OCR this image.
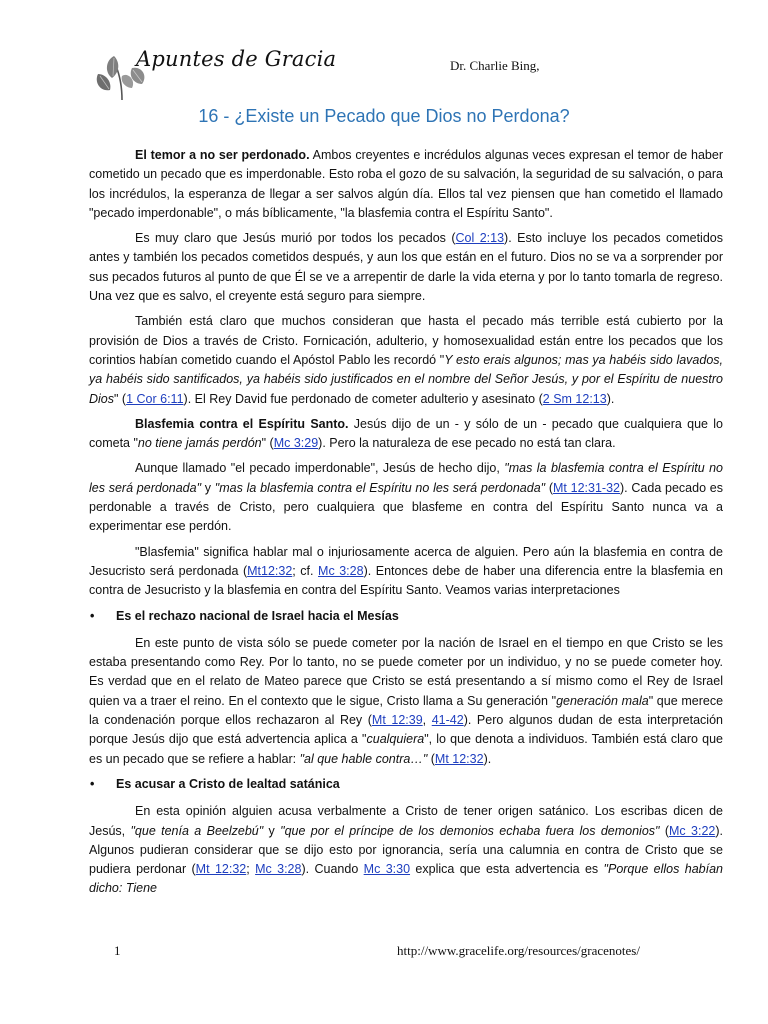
Apuntes de Gracia	Dr. Charlie Bing,
16 - ¿Existe un Pecado que Dios no Perdona?

El temor a no ser perdonado. Ambos creyentes e incrédulos algunas veces expresan el temor de haber cometido un pecado que es imperdonable. Esto roba el gozo de su salvación, la seguridad de su salvación, o para los incrédulos, la esperanza de llegar a ser salvos algún día. Ellos tal vez piensen que han cometido el llamado "pecado imperdonable", o más bíblicamente, "la blasfemia contra el Espíritu Santo".

Es muy claro que Jesús murió por todos los pecados (Col 2:13). Esto incluye los pecados cometidos antes y también los pecados cometidos después, y aun los que están en el futuro. Dios no se va a sorprender por sus pecados futuros al punto de que Él se ve a arrepentir de darle la vida eterna y por lo tanto tomarla de regreso. Una vez que es salvo, el creyente está seguro para siempre.

También está claro que muchos consideran que hasta el pecado más terrible está cubierto por la provisión de Dios a través de Cristo. Fornicación, adulterio, y homosexualidad están entre los pecados que los corintios habían cometido cuando el Apóstol Pablo les recordó "Y esto erais algunos; mas ya habéis sido lavados, ya habéis sido santificados, ya habéis sido justificados en el nombre del Señor Jesús, y por el Espíritu de nuestro Dios" (1 Cor 6:11). El Rey David fue perdonado de cometer adulterio y asesinato (2 Sm 12:13).

Blasfemia contra el Espíritu Santo. Jesús dijo de un - y sólo de un - pecado que cualquiera que lo cometa "no tiene jamás perdón" (Mc 3:29). Pero la naturaleza de ese pecado no está tan clara.

Aunque llamado "el pecado imperdonable", Jesús de hecho dijo, "mas la blasfemia contra el Espíritu no les será perdonada" y "mas la blasfemia contra el Espíritu no les será perdonada" (Mt 12:31-32). Cada pecado es perdonable a través de Cristo, pero cualquiera que blasfeme en contra del Espíritu Santo nunca va a experimentar ese perdón.

"Blasfemia" significa hablar mal o injuriosamente acerca de alguien. Pero aún la blasfemia en contra de Jesucristo será perdonada (Mt12:32; cf. Mc 3:28). Entonces debe de haber una diferencia entre la blasfemia en contra de Jesucristo y la blasfemia en contra del Espíritu Santo. Veamos varias interpretaciones

• Es el rechazo nacional de Israel hacia el Mesías

En este punto de vista sólo se puede cometer por la nación de Israel en el tiempo en que Cristo se les estaba presentando como Rey. Por lo tanto, no se puede cometer por un individuo, y no se puede cometer hoy. Es verdad que en el relato de Mateo parece que Cristo se está presentando a sí mismo como el Rey de Israel quien va a traer el reino. En el contexto que le sigue, Cristo llama a Su generación "generación mala" que merece la condenación porque ellos rechazaron al Rey (Mt 12:39, 41-42). Pero algunos dudan de esta interpretación porque Jesús dijo que está advertencia aplica a "cualquiera", lo que denota a individuos. También está claro que es un pecado que se refiere a hablar: "al que hable contra…" (Mt 12:32).

• Es acusar a Cristo de lealtad satánica

En esta opinión alguien acusa verbalmente a Cristo de tener origen satánico. Los escribas dicen de Jesús, "que tenía a Beelzebú" y "que por el príncipe de los demonios echaba fuera los demonios" (Mc 3:22). Algunos pudieran considerar que se dijo esto por ignorancia, sería una calumnia en contra de Cristo que se pudiera perdonar (Mt 12:32; Mc 3:28). Cuando Mc 3:30 explica que esta advertencia es "Porque ellos habían dicho: Tiene

1	http://www.gracelife.org/resources/gracenotes/
